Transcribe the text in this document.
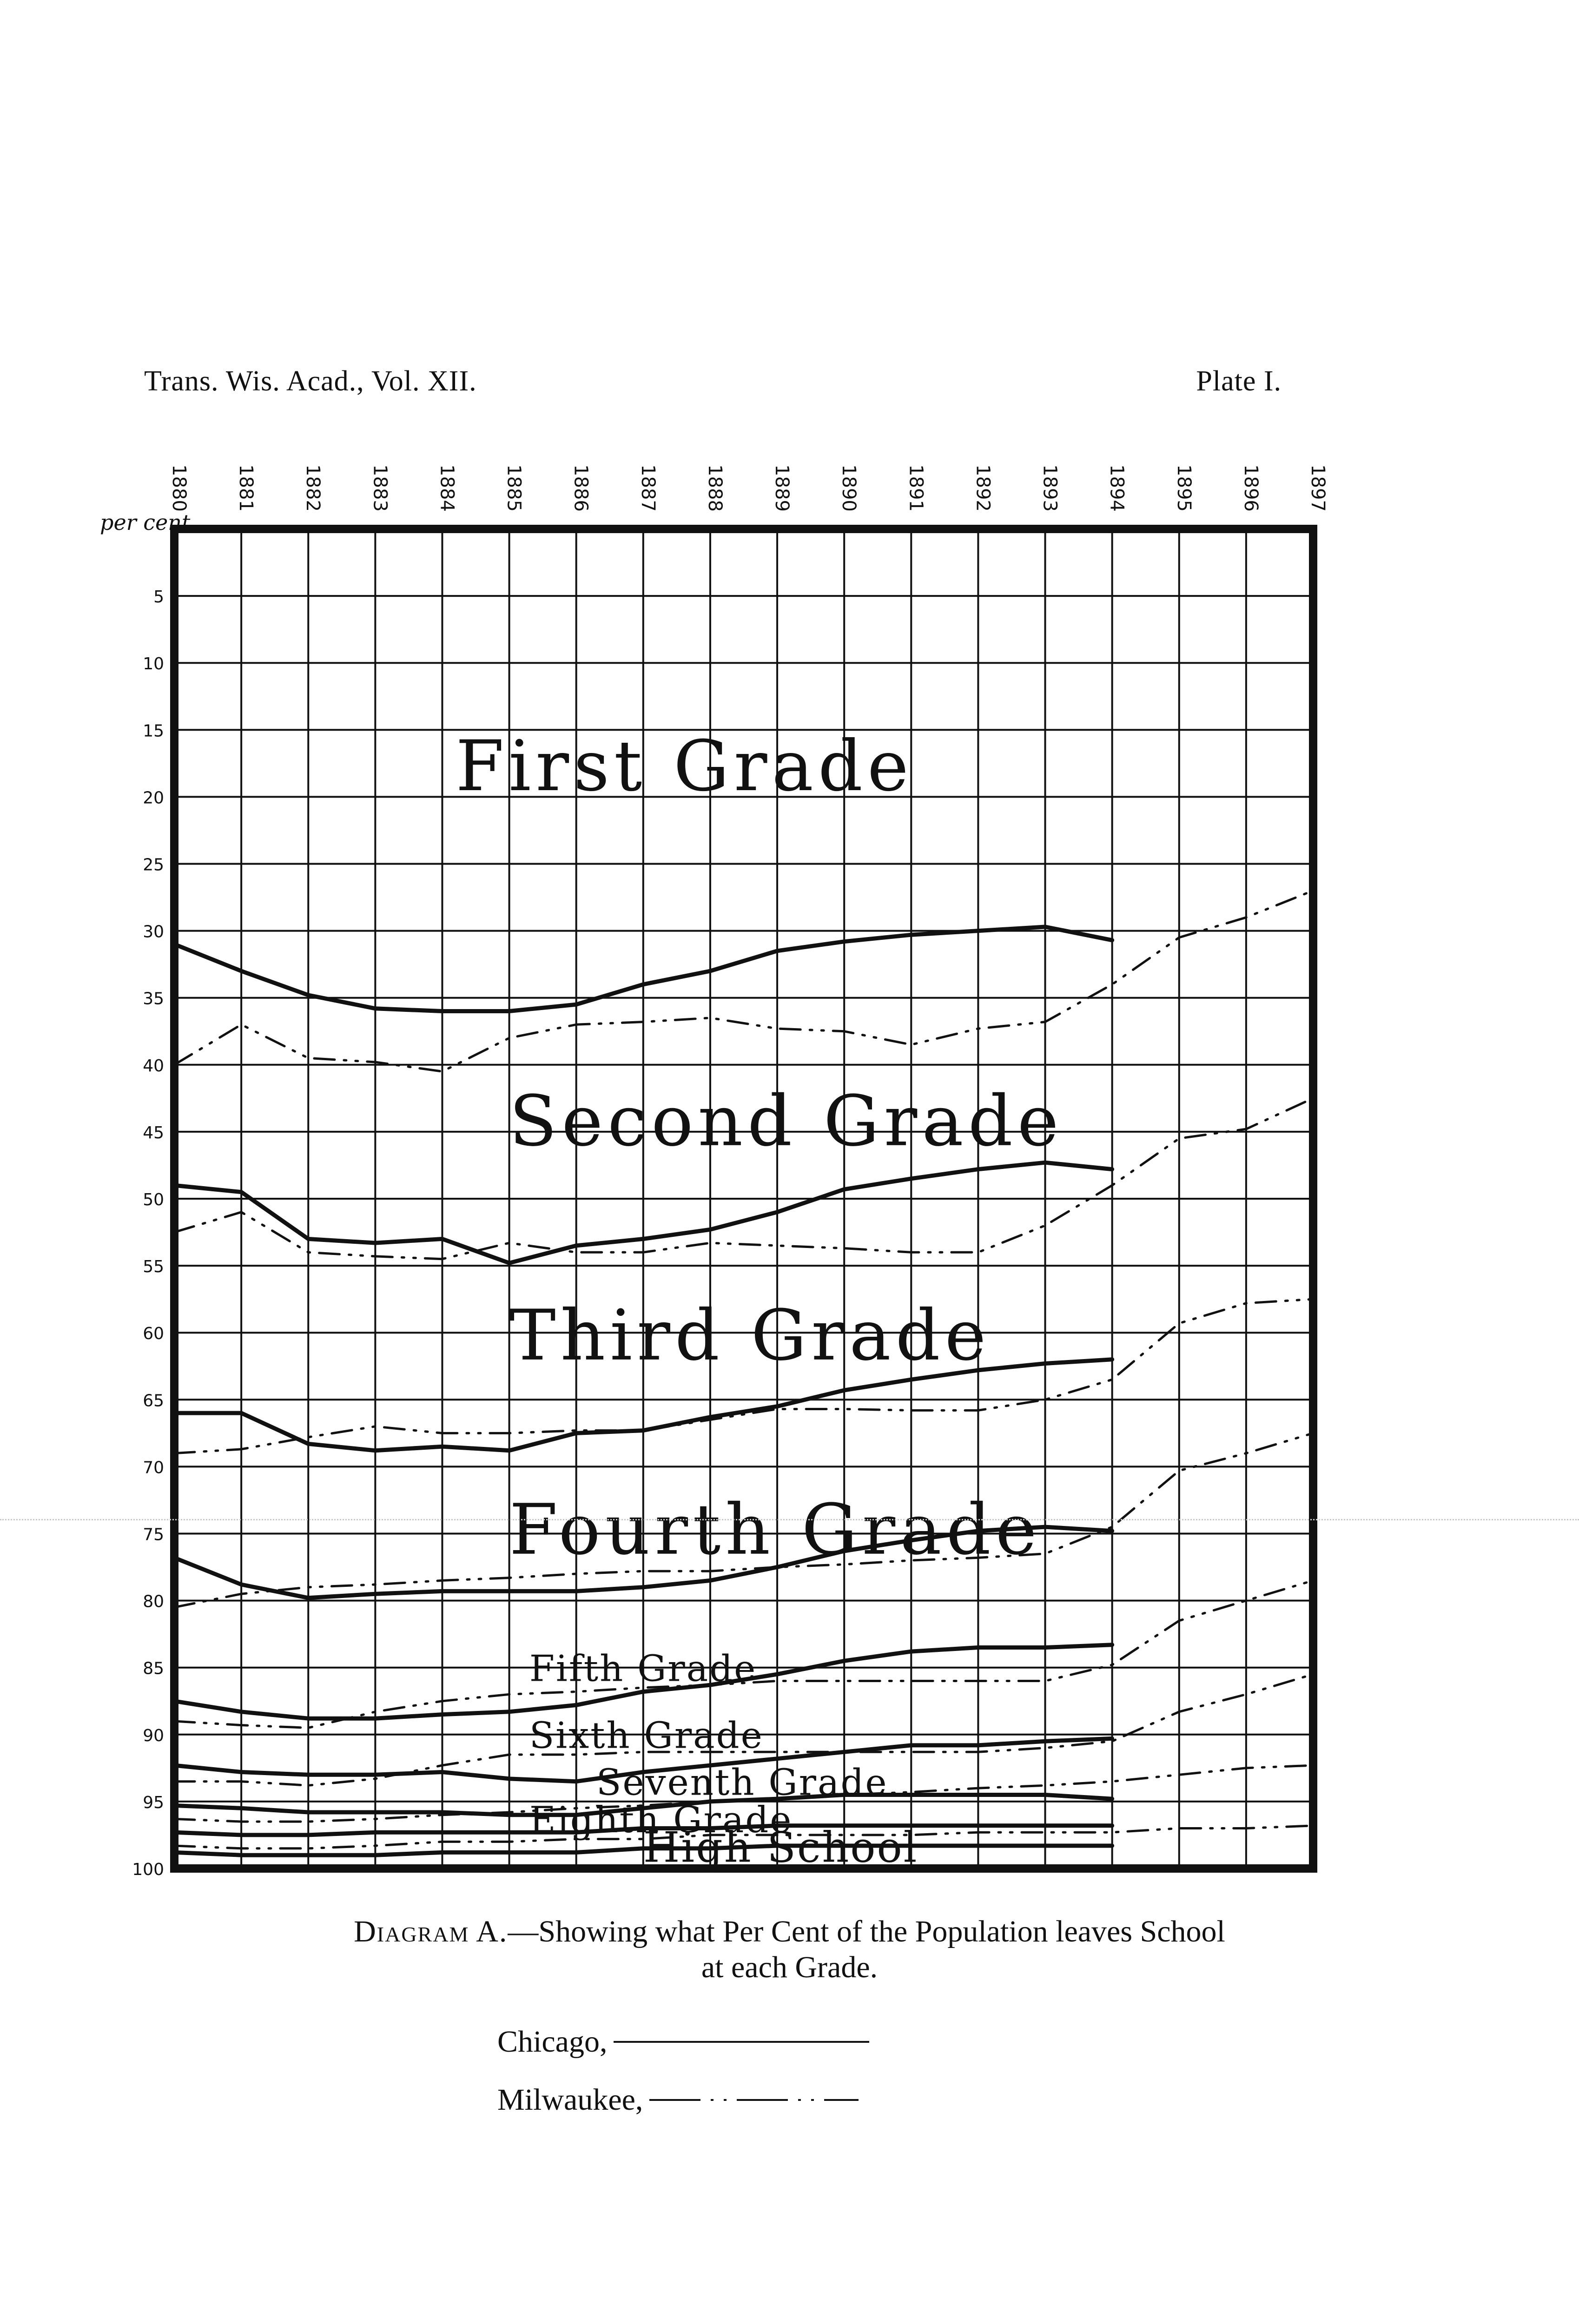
Trans. Wis. Acad., Vol. XII.	Plate I.
1880 1881 1882 1883 1884 1885 1886 1887 1888 1889 1890 1891 1892 1893 1894 1895 1896 1897
5
10
15
20
25
30
35
40
45
50
55
60
65
70
75
80
85
90
95
100
per cent
First Grade
Second Grade
Third Grade
Fourth Grade
Fifth Grade
Sixth Grade
Seventh Grade
Eighth Grade
High School
Diagram A.—Showing what Per Cent of the Population leaves School
at each Grade.
Chicago,
Milwaukee,
